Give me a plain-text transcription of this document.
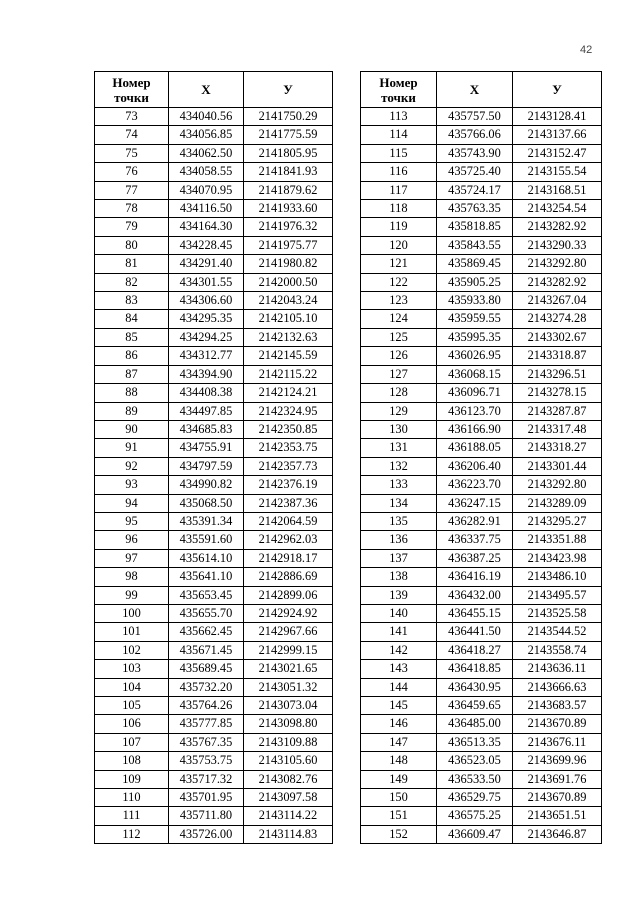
42
Номер точки	Х	У
73	434040.56	2141750.29
74	434056.85	2141775.59
75	434062.50	2141805.95
76	434058.55	2141841.93
77	434070.95	2141879.62
78	434116.50	2141933.60
79	434164.30	2141976.32
80	434228.45	2141975.77
81	434291.40	2141980.82
82	434301.55	2142000.50
83	434306.60	2142043.24
84	434295.35	2142105.10
85	434294.25	2142132.63
86	434312.77	2142145.59
87	434394.90	2142115.22
88	434408.38	2142124.21
89	434497.85	2142324.95
90	434685.83	2142350.85
91	434755.91	2142353.75
92	434797.59	2142357.73
93	434990.82	2142376.19
94	435068.50	2142387.36
95	435391.34	2142064.59
96	435591.60	2142962.03
97	435614.10	2142918.17
98	435641.10	2142886.69
99	435653.45	2142899.06
100	435655.70	2142924.92
101	435662.45	2142967.66
102	435671.45	2142999.15
103	435689.45	2143021.65
104	435732.20	2143051.32
105	435764.26	2143073.04
106	435777.85	2143098.80
107	435767.35	2143109.88
108	435753.75	2143105.60
109	435717.32	2143082.76
110	435701.95	2143097.58
111	435711.80	2143114.22
112	435726.00	2143114.83
Номер точки	Х	У
113	435757.50	2143128.41
114	435766.06	2143137.66
115	435743.90	2143152.47
116	435725.40	2143155.54
117	435724.17	2143168.51
118	435763.35	2143254.54
119	435818.85	2143282.92
120	435843.55	2143290.33
121	435869.45	2143292.80
122	435905.25	2143282.92
123	435933.80	2143267.04
124	435959.55	2143274.28
125	435995.35	2143302.67
126	436026.95	2143318.87
127	436068.15	2143296.51
128	436096.71	2143278.15
129	436123.70	2143287.87
130	436166.90	2143317.48
131	436188.05	2143318.27
132	436206.40	2143301.44
133	436223.70	2143292.80
134	436247.15	2143289.09
135	436282.91	2143295.27
136	436337.75	2143351.88
137	436387.25	2143423.98
138	436416.19	2143486.10
139	436432.00	2143495.57
140	436455.15	2143525.58
141	436441.50	2143544.52
142	436418.27	2143558.74
143	436418.85	2143636.11
144	436430.95	2143666.63
145	436459.65	2143683.57
146	436485.00	2143670.89
147	436513.35	2143676.11
148	436523.05	2143699.96
149	436533.50	2143691.76
150	436529.75	2143670.89
151	436575.25	2143651.51
152	436609.47	2143646.87
